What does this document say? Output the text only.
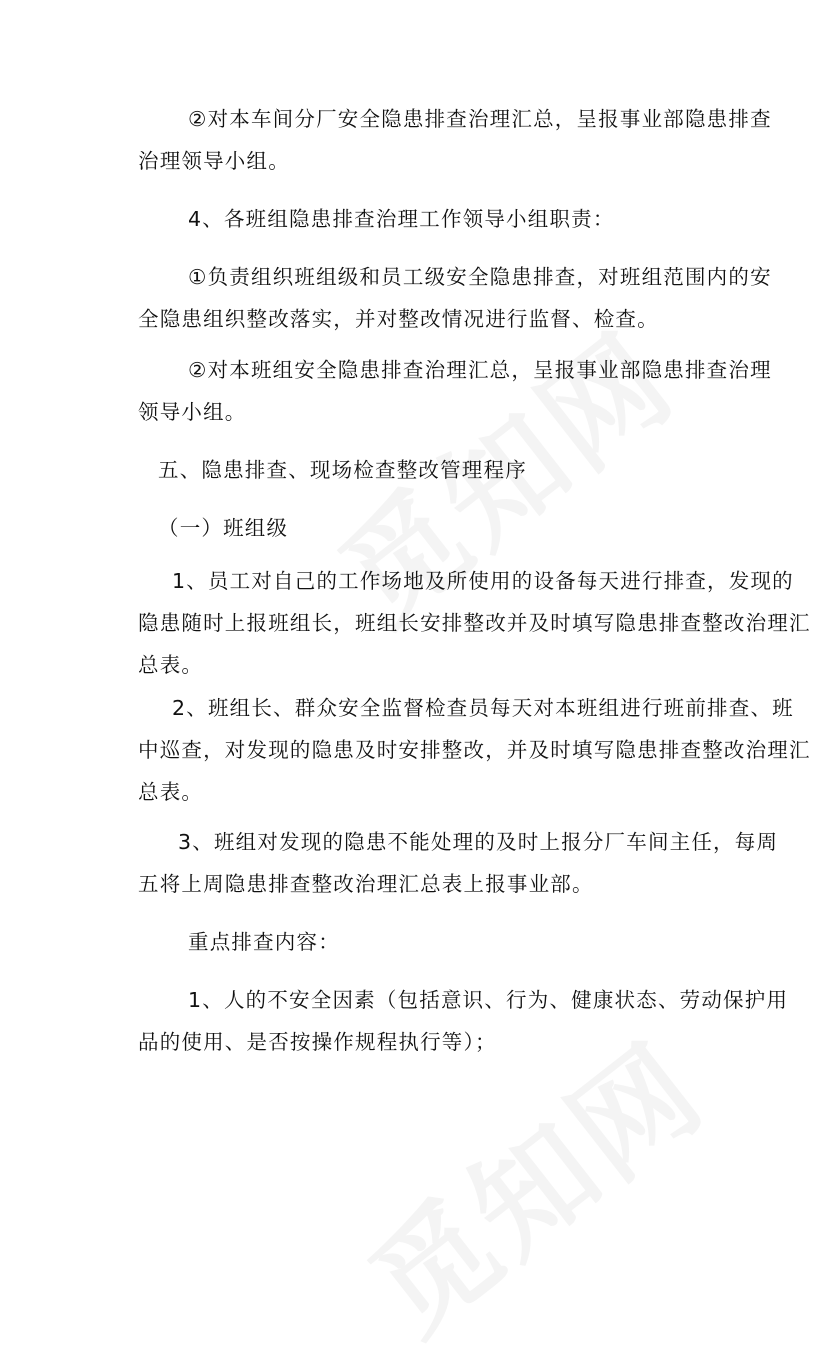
②对本车间分厂安全隐患排查治理汇总，呈报事业部隐患排查
治理领导小组。
4、各班组隐患排查治理工作领导小组职责：
①负责组织班组级和员工级安全隐患排查，对班组范围内的安
全隐患组织整改落实，并对整改情况进行监督、检查。
②对本班组安全隐患排查治理汇总，呈报事业部隐患排查治理
领导小组。
五、隐患排查、现场检查整改管理程序
（一）班组级
1、员工对自己的工作场地及所使用的设备每天进行排查，发现的
隐患随时上报班组长，班组长安排整改并及时填写隐患排查整改治理汇
总表。
2、班组长、群众安全监督检查员每天对本班组进行班前排查、班
中巡查，对发现的隐患及时安排整改，并及时填写隐患排查整改治理汇
总表。
3、班组对发现的隐患不能处理的及时上报分厂车间主任，每周
五将上周隐患排查整改治理汇总表上报事业部。
重点排查内容：
1、人的不安全因素（包括意识、行为、健康状态、劳动保护用
品的使用、是否按操作规程执行等）；
